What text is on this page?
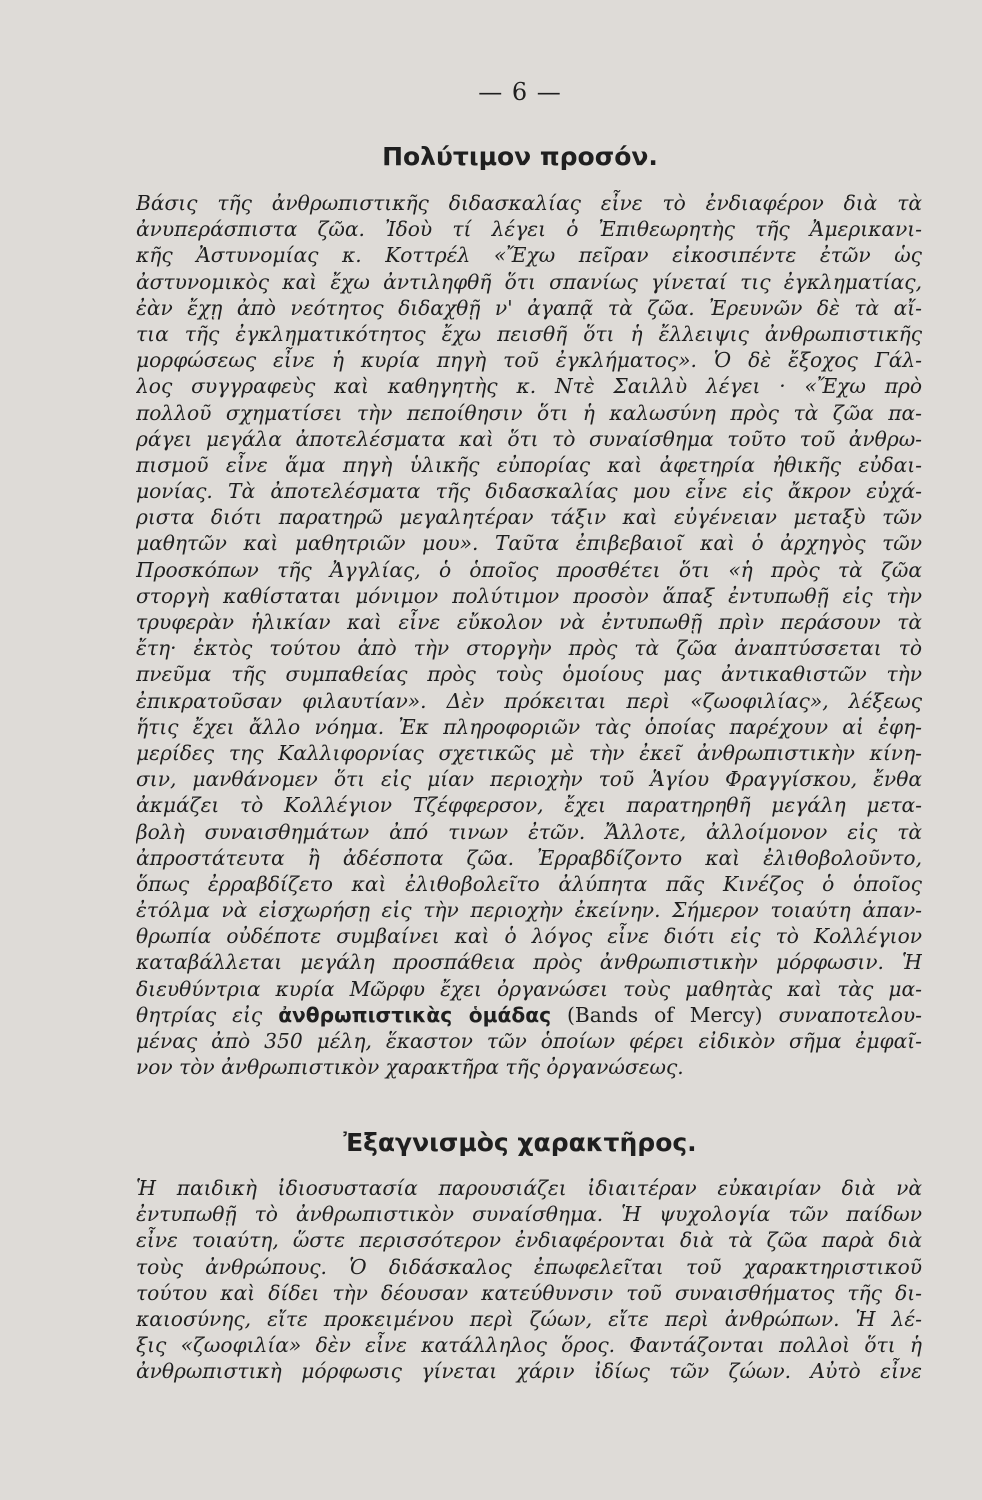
— 6 —
Πολύτιμον προσόν.
Βάσις τῆς ἀνθρωπιστικῆς διδασκαλίας εἶνε τὸ ἐνδιαφέρον διὰ τὰ
ἀνυπεράσπιστα ζῶα. Ἰδοὺ τί λέγει ὁ Ἐπιθεωρητὴς τῆς Ἀμερικανι-
κῆς Ἀστυνομίας κ. Κοττρέλ «Ἔχω πεῖραν εἰκοσιπέντε ἐτῶν ὡς
ἀστυνομικὸς καὶ ἔχω ἀντιληφθῆ ὅτι σπανίως γίνεταί τις ἐγκληματίας,
ἐὰν ἔχῃ ἀπὸ νεότητος διδαχθῇ ν' ἀγαπᾷ τὰ ζῶα. Ἐρευνῶν δὲ τὰ αἴ-
τια τῆς ἐγκληματικότητος ἔχω πεισθῆ ὅτι ἡ ἔλλειψις ἀνθρωπιστικῆς
μορφώσεως εἶνε ἡ κυρία πηγὴ τοῦ ἐγκλήματος». Ὁ δὲ ἔξοχος Γάλ-
λος συγγραφεὺς καὶ καθηγητὴς κ. Ντὲ Σαιλλὺ λέγει · «Ἔχω πρὸ
πολλοῦ σχηματίσει τὴν πεποίθησιν ὅτι ἡ καλωσύνη πρὸς τὰ ζῶα πα-
ράγει μεγάλα ἀποτελέσματα καὶ ὅτι τὸ συναίσθημα τοῦτο τοῦ ἀνθρω-
πισμοῦ εἶνε ἅμα πηγὴ ὑλικῆς εὐπορίας καὶ ἀφετηρία ἠθικῆς εὐδαι-
μονίας. Τὰ ἀποτελέσματα τῆς διδασκαλίας μου εἶνε εἰς ἄκρον εὐχά-
ριστα διότι παρατηρῶ μεγαλητέραν τάξιν καὶ εὐγένειαν μεταξὺ τῶν
μαθητῶν καὶ μαθητριῶν μου». Ταῦτα ἐπιβεβαιοῖ καὶ ὁ ἀρχηγὸς τῶν
Προσκόπων τῆς Ἀγγλίας, ὁ ὁποῖος προσθέτει ὅτι «ἡ πρὸς τὰ ζῶα
στοργὴ καθίσταται μόνιμον πολύτιμον προσὸν ἅπαξ ἐντυπωθῇ εἰς τὴν
τρυφερὰν ἡλικίαν καὶ εἶνε εὔκολον νὰ ἐντυπωθῇ πρὶν περάσουν τὰ
ἔτη· ἐκτὸς τούτου ἀπὸ τὴν στοργὴν πρὸς τὰ ζῶα ἀναπτύσσεται τὸ
πνεῦμα τῆς συμπαθείας πρὸς τοὺς ὁμοίους μας ἀντικαθιστῶν τὴν
ἐπικρατοῦσαν φιλαυτίαν». Δὲν πρόκειται περὶ «ζωοφιλίας», λέξεως
ἥτις ἔχει ἄλλο νόημα. Ἐκ πληροφοριῶν τὰς ὁποίας παρέχουν αἱ ἐφη-
μερίδες της Καλλιφορνίας σχετικῶς μὲ τὴν ἐκεῖ ἀνθρωπιστικὴν κίνη-
σιν, μανθάνομεν ὅτι εἰς μίαν περιοχὴν τοῦ Ἁγίου Φραγγίσκου, ἔνθα
ἀκμάζει τὸ Κολλέγιον Τζέφφερσον, ἔχει παρατηρηθῆ μεγάλη μετα-
βολὴ συναισθημάτων ἀπό τινων ἐτῶν. Ἄλλοτε, ἀλλοίμονον εἰς τὰ
ἀπροστάτευτα ἢ ἀδέσποτα ζῶα. Ἐρραβδίζοντο καὶ ἐλιθοβολοῦντο,
ὅπως ἐρραβδίζετο καὶ ἐλιθοβολεῖτο ἀλύπητα πᾶς Κινέζος ὁ ὁποῖος
ἐτόλμα νὰ εἰσχωρήσῃ εἰς τὴν περιοχὴν ἐκείνην. Σήμερον τοιαύτη ἀπαν-
θρωπία οὐδέποτε συμβαίνει καὶ ὁ λόγος εἶνε διότι εἰς τὸ Κολλέγιον
καταβάλλεται μεγάλη προσπάθεια πρὸς ἀνθρωπιστικὴν μόρφωσιν. Ἡ
διευθύντρια κυρία Μῶρφυ ἔχει ὀργανώσει τοὺς μαθητὰς καὶ τὰς μα-
θητρίας εἰς ἀνθρωπιστικὰς ὁμάδας (Bands of Mercy) συναποτελου-
μένας ἀπὸ 350 μέλη, ἕκαστον τῶν ὁποίων φέρει εἰδικὸν σῆμα ἐμφαῖ-
νον τὸν ἀνθρωπιστικὸν χαρακτῆρα τῆς ὀργανώσεως.
Ἐξαγνισμὸς χαρακτῆρος.
Ἡ παιδικὴ ἰδιοσυστασία παρουσιάζει ἰδιαιτέραν εὐκαιρίαν διὰ νὰ
ἐντυπωθῇ τὸ ἀνθρωπιστικὸν συναίσθημα. Ἡ ψυχολογία τῶν παίδων
εἶνε τοιαύτη, ὥστε περισσότερον ἐνδιαφέρονται διὰ τὰ ζῶα παρὰ διὰ
τοὺς ἀνθρώπους. Ὁ διδάσκαλος ἐπωφελεῖται τοῦ χαρακτηριστικοῦ
τούτου καὶ δίδει τὴν δέουσαν κατεύθυνσιν τοῦ συναισθήματος τῆς δι-
καιοσύνης, εἴτε προκειμένου περὶ ζώων, εἴτε περὶ ἀνθρώπων. Ἡ λέ-
ξις «ζωοφιλία» δὲν εἶνε κατάλληλος ὅρος. Φαντάζονται πολλοὶ ὅτι ἡ
ἀνθρωπιστικὴ μόρφωσις γίνεται χάριν ἰδίως τῶν ζώων. Αὐτὸ εἶνε
